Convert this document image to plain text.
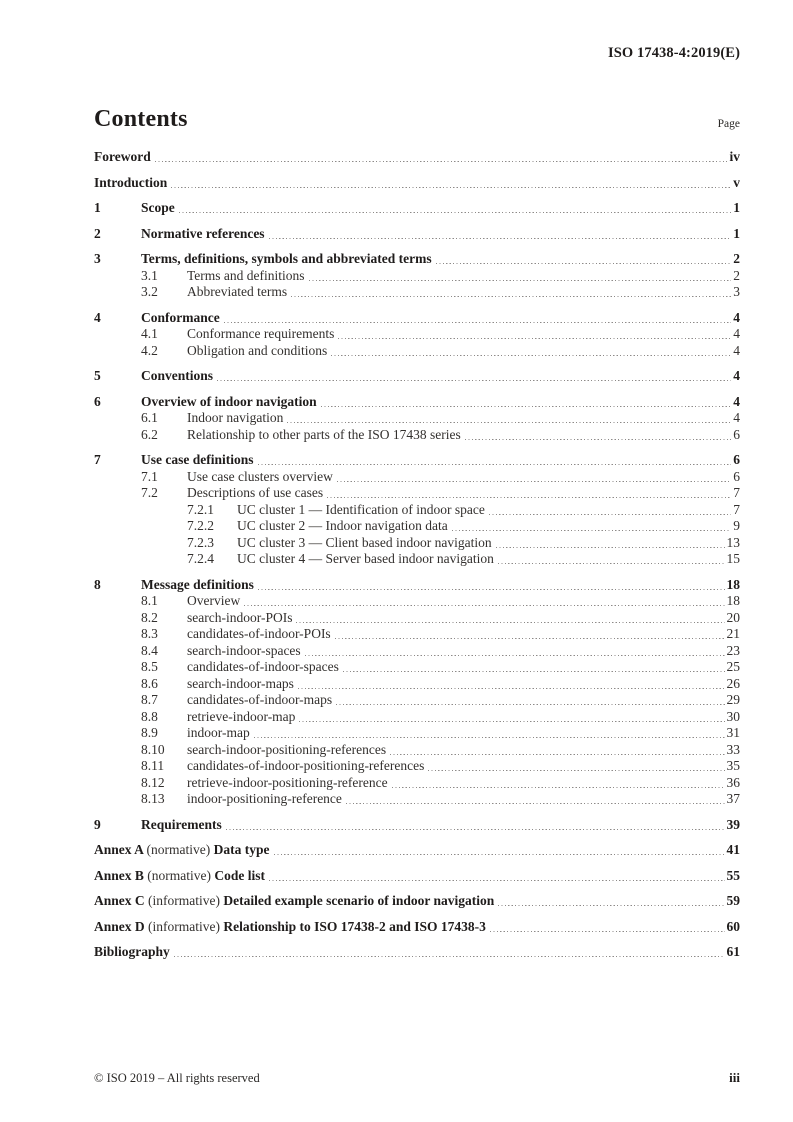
ISO 17438-4:2019(E)
Contents	Page
Foreword	iv
Introduction	v
1	Scope	1
2	Normative references	1
3	Terms, definitions, symbols and abbreviated terms	2
3.1	Terms and definitions	2
3.2	Abbreviated terms	3
4	Conformance	4
4.1	Conformance requirements	4
4.2	Obligation and conditions	4
5	Conventions	4
6	Overview of indoor navigation	4
6.1	Indoor navigation	4
6.2	Relationship to other parts of the ISO 17438 series	6
7	Use case definitions	6
7.1	Use case clusters overview	6
7.2	Descriptions of use cases	7
7.2.1	UC cluster 1 — Identification of indoor space	7
7.2.2	UC cluster 2 — Indoor navigation data	9
7.2.3	UC cluster 3 — Client based indoor navigation	13
7.2.4	UC cluster 4 — Server based indoor navigation	15
8	Message definitions	18
8.1	Overview	18
8.2	search-indoor-POIs	20
8.3	candidates-of-indoor-POIs	21
8.4	search-indoor-spaces	23
8.5	candidates-of-indoor-spaces	25
8.6	search-indoor-maps	26
8.7	candidates-of-indoor-maps	29
8.8	retrieve-indoor-map	30
8.9	indoor-map	31
8.10	search-indoor-positioning-references	33
8.11	candidates-of-indoor-positioning-references	35
8.12	retrieve-indoor-positioning-reference	36
8.13	indoor-positioning-reference	37
9	Requirements	39
Annex A (normative) Data type	41
Annex B (normative) Code list	55
Annex C (informative) Detailed example scenario of indoor navigation	59
Annex D (informative) Relationship to ISO 17438-2 and ISO 17438-3	60
Bibliography	61
© ISO 2019 – All rights reserved	iii
